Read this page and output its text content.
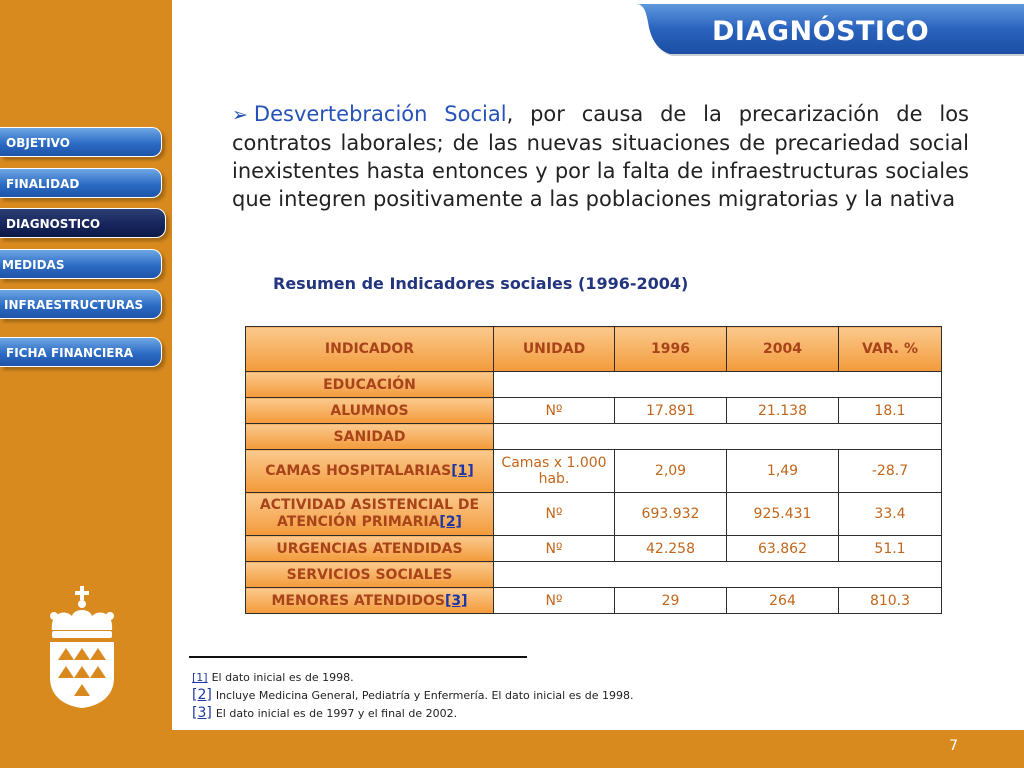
OBJETIVO
FINALIDAD
DIAGNOSTICO
MEDIDAS
INFRAESTRUCTURAS
FICHA FINANCIERA
DIAGNÓSTICO
➢ Desvertebración Social, por causa de la precarización de los contratos laborales; de las nuevas situaciones de precariedad social inexistentes hasta entonces y por la falta de infraestructuras sociales que integren positivamente a las poblaciones migratorias y la nativa
Resumen de Indicadores sociales (1996-2004)
INDICADOR	UNIDAD	1996	2004	VAR. %
EDUCACIÓN				
ALUMNOS	Nº	17.891	21.138	18.1
SANIDAD				
CAMAS HOSPITALARIAS[1]	Camas x 1.000 hab.	2,09	1,49	-28.7
ACTIVIDAD ASISTENCIAL DE ATENCIÓN PRIMARIA[2]	Nº	693.932	925.431	33.4
URGENCIAS ATENDIDAS	Nº	42.258	63.862	51.1
SERVICIOS SOCIALES				
MENORES ATENDIDOS[3]	Nº	29	264	810.3
[1] El dato inicial es de 1998.
[2] Incluye Medicina General, Pediatría y Enfermería. El dato inicial es de 1998.
[3] El dato inicial es de 1997 y el final de 2002.
7
